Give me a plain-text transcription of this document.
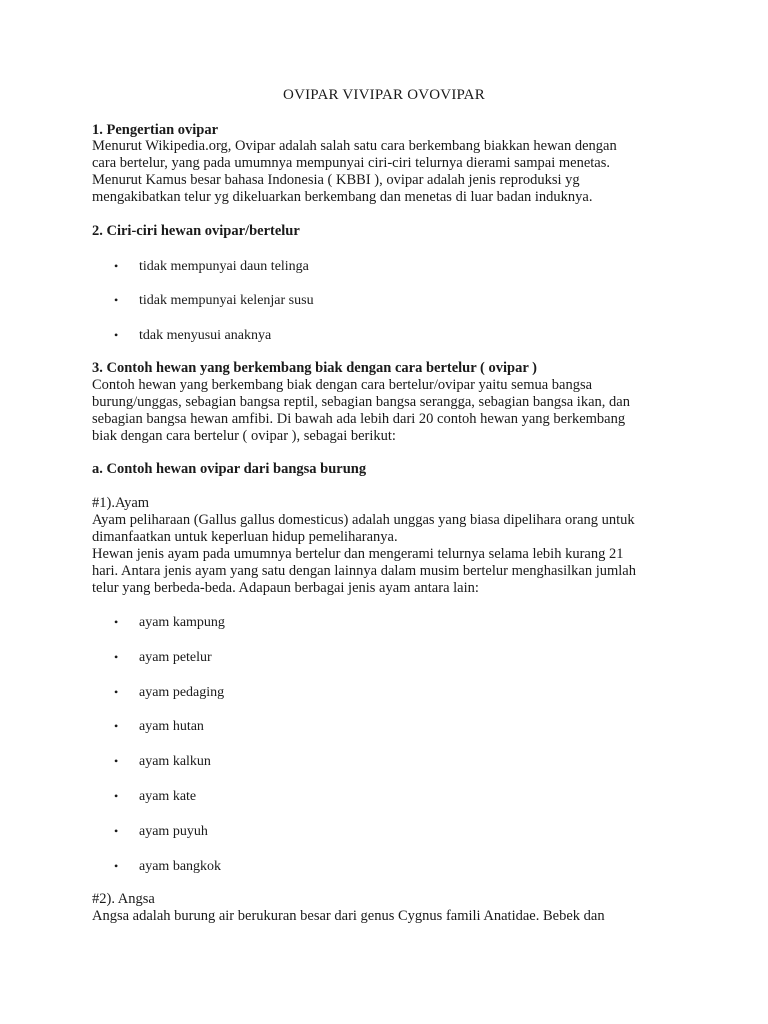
OVIPAR VIVIPAR OVOVIPAR
1. Pengertian ovipar
Menurut Wikipedia.org, Ovipar adalah salah satu cara berkembang biakkan hewan dengan
cara bertelur, yang pada umumnya mempunyai ciri-ciri telurnya dierami sampai menetas.
Menurut Kamus besar bahasa Indonesia ( KBBI ), ovipar adalah jenis reproduksi yg
mengakibatkan telur yg dikeluarkan berkembang dan menetas di luar badan induknya.
2. Ciri-ciri hewan ovipar/bertelur
• tidak mempunyai daun telinga
• tidak mempunyai kelenjar susu
• tdak menyusui anaknya
3. Contoh hewan yang berkembang biak dengan cara bertelur ( ovipar )
Contoh hewan yang berkembang biak dengan cara bertelur/ovipar yaitu semua bangsa
burung/unggas, sebagian bangsa reptil, sebagian bangsa serangga, sebagian bangsa ikan, dan
sebagian bangsa hewan amfibi. Di bawah ada lebih dari 20 contoh hewan yang berkembang
biak dengan cara bertelur ( ovipar ), sebagai berikut:
a. Contoh hewan ovipar dari bangsa burung
#1).Ayam
Ayam peliharaan (Gallus gallus domesticus) adalah unggas yang biasa dipelihara orang untuk
dimanfaatkan untuk keperluan hidup pemeliharanya.
Hewan jenis ayam pada umumnya bertelur dan mengerami telurnya selama lebih kurang 21
hari. Antara jenis ayam yang satu dengan lainnya dalam musim bertelur menghasilkan jumlah
telur yang berbeda-beda. Adapaun berbagai jenis ayam antara lain:
• ayam kampung
• ayam petelur
• ayam pedaging
• ayam hutan
• ayam kalkun
• ayam kate
• ayam puyuh
• ayam bangkok
#2). Angsa
Angsa adalah burung air berukuran besar dari genus Cygnus famili Anatidae. Bebek dan
